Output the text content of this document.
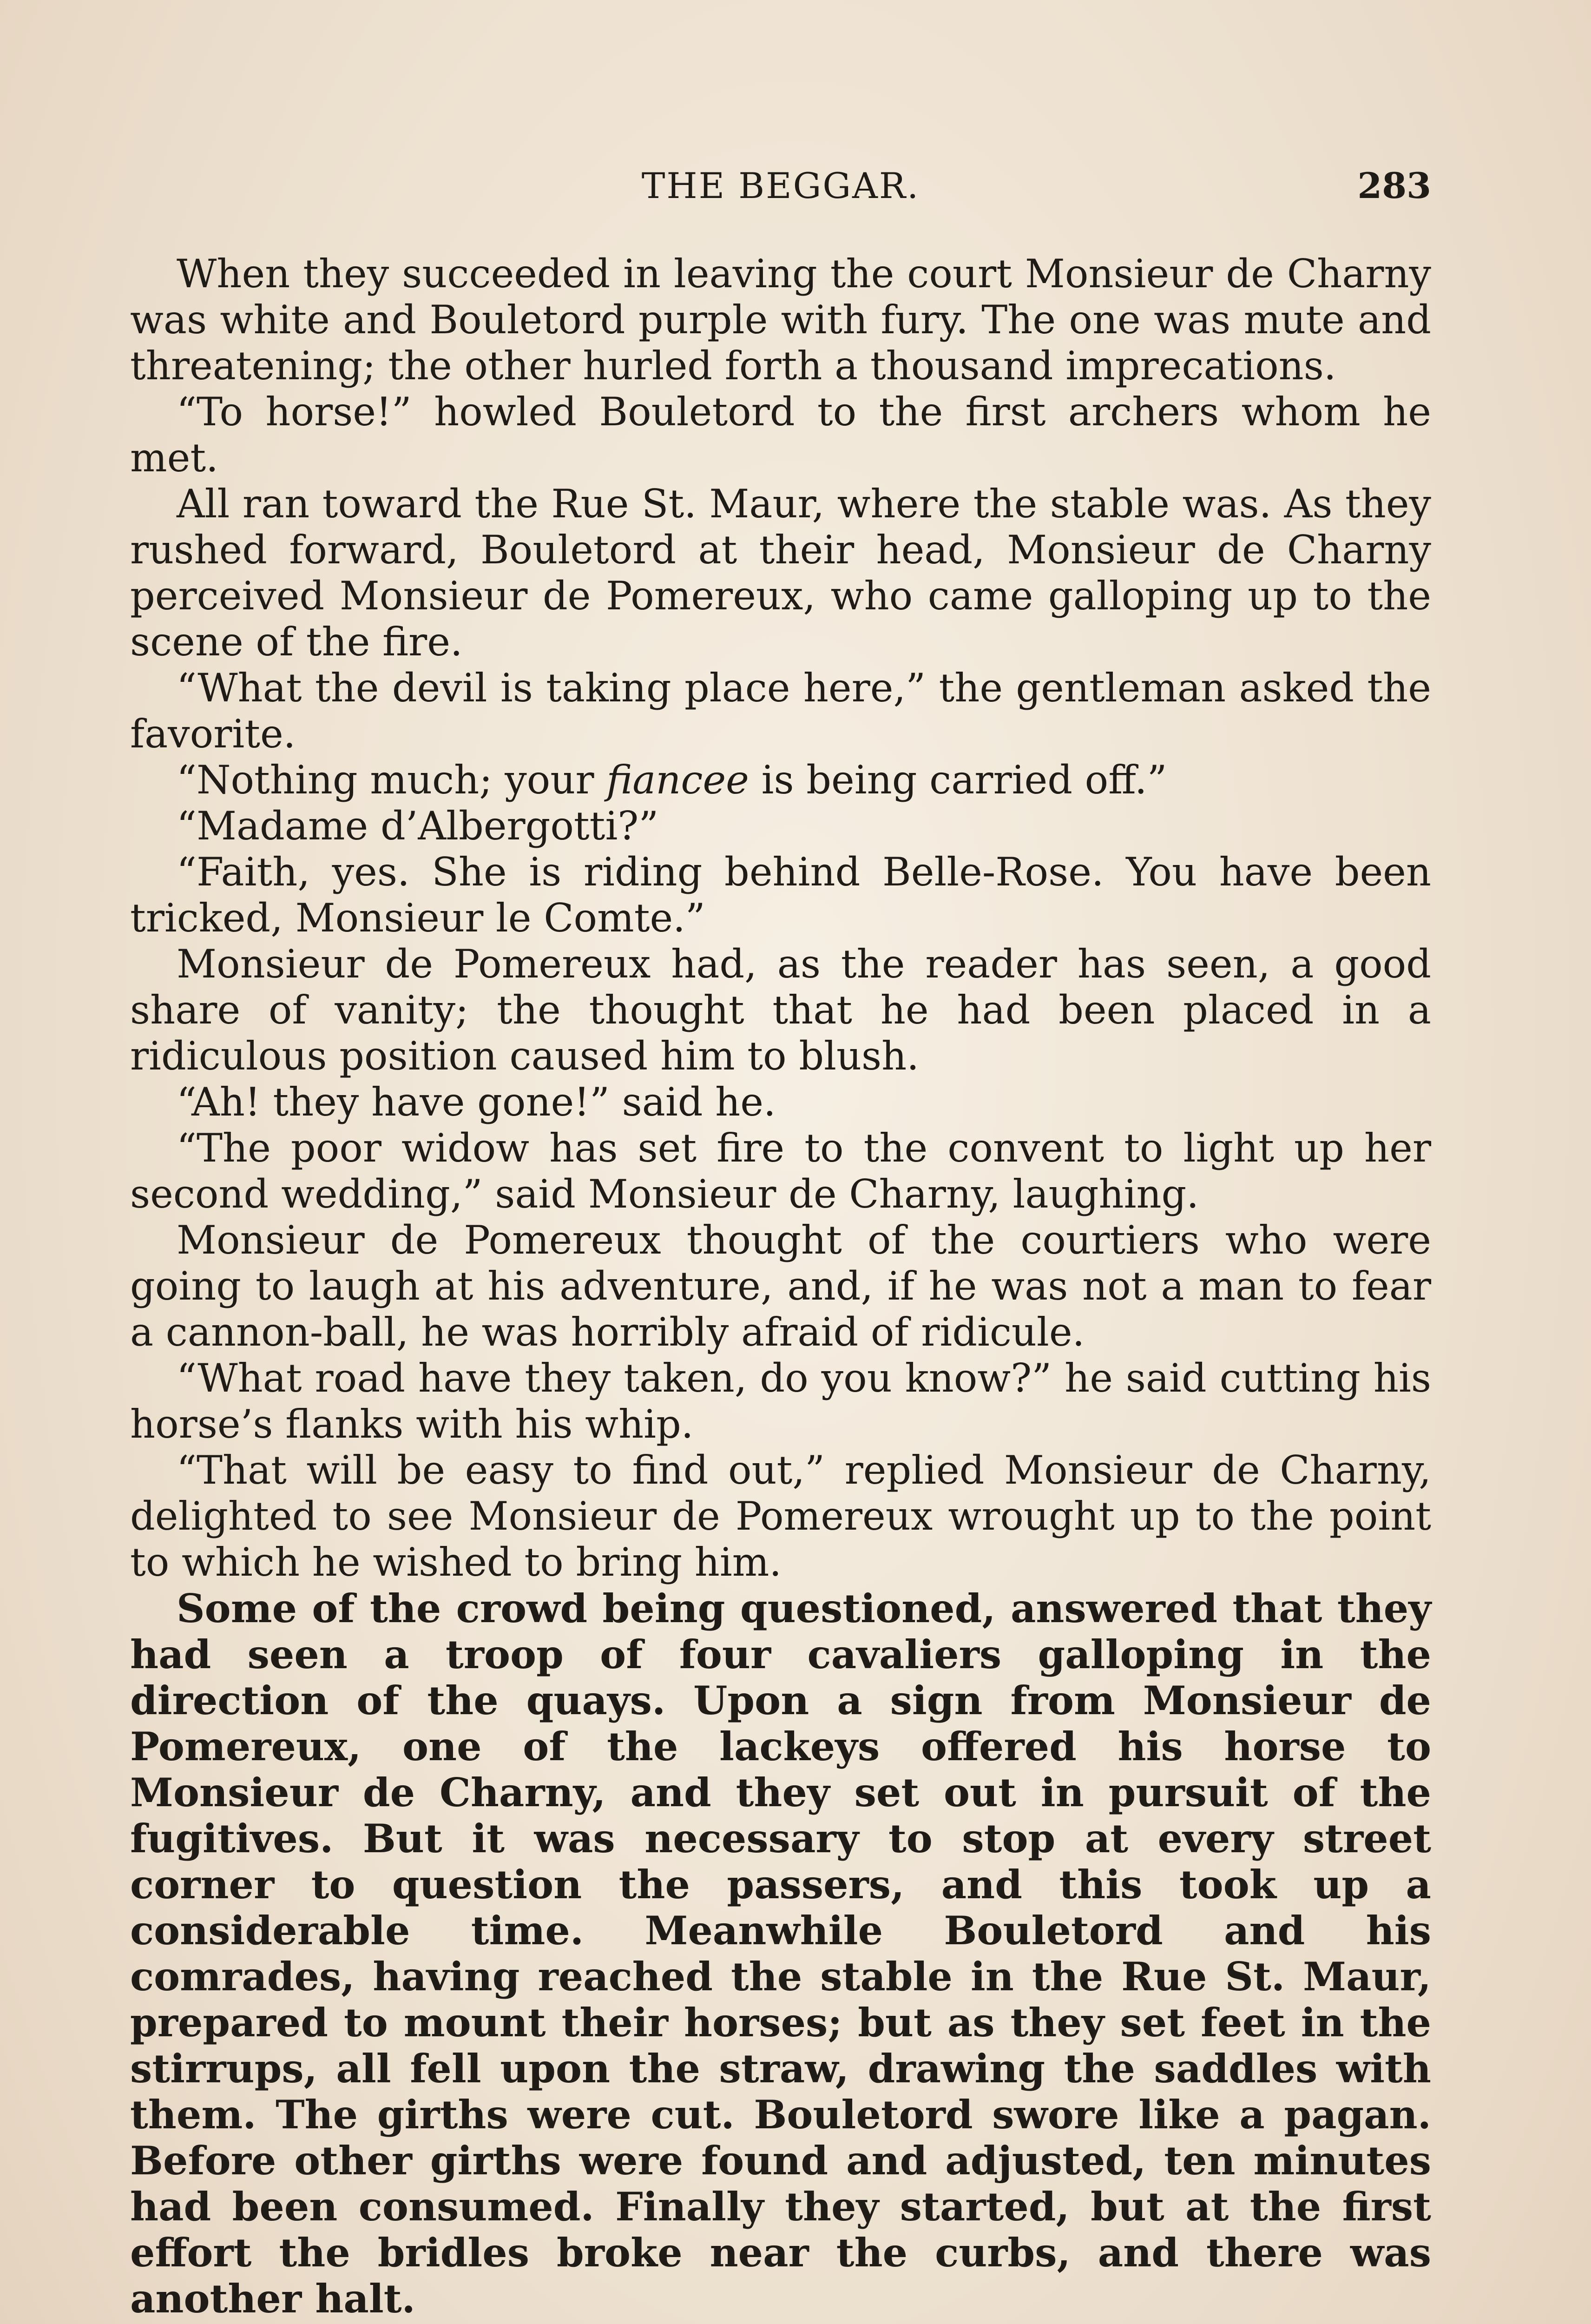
THE BEGGAR.	283

When they succeeded in leaving the court Monsieur de Charny was white and Bouletord purple with fury. The one was mute and threatening; the other hurled forth a thousand imprecations.

“To horse!” howled Bouletord to the first archers whom he met.

All ran toward the Rue St. Maur, where the stable was. As they rushed forward, Bouletord at their head, Monsieur de Charny perceived Monsieur de Pomereux, who came galloping up to the scene of the fire.

“What the devil is taking place here,” the gentleman asked the favorite.

“Nothing much; your fiancee is being carried off.”

“Madame d’Albergotti?”

“Faith, yes. She is riding behind Belle-Rose. You have been tricked, Monsieur le Comte.”

Monsieur de Pomereux had, as the reader has seen, a good share of vanity; the thought that he had been placed in a ridiculous position caused him to blush.

“Ah! they have gone!” said he.

“The poor widow has set fire to the convent to light up her second wedding,” said Monsieur de Charny, laughing.

Monsieur de Pomereux thought of the courtiers who were going to laugh at his adventure, and, if he was not a man to fear a cannon-ball, he was horribly afraid of ridicule.

“What road have they taken, do you know?” he said cutting his horse’s flanks with his whip.

“That will be easy to find out,” replied Monsieur de Charny, delighted to see Monsieur de Pomereux wrought up to the point to which he wished to bring him.

Some of the crowd being questioned, answered that they had seen a troop of four cavaliers galloping in the direction of the quays. Upon a sign from Monsieur de Pomereux, one of the lackeys offered his horse to Monsieur de Charny, and they set out in pursuit of the fugitives. But it was necessary to stop at every street corner to question the passers, and this took up a considerable time. Meanwhile Bouletord and his comrades, having reached the stable in the Rue St. Maur, prepared to mount their horses; but as they set feet in the stirrups, all fell upon the straw, drawing the saddles with them. The girths were cut. Bouletord swore like a pagan. Before other girths were found and adjusted, ten minutes had been consumed. Finally they started, but at the first effort the bridles broke near the curbs, and there was another halt.
